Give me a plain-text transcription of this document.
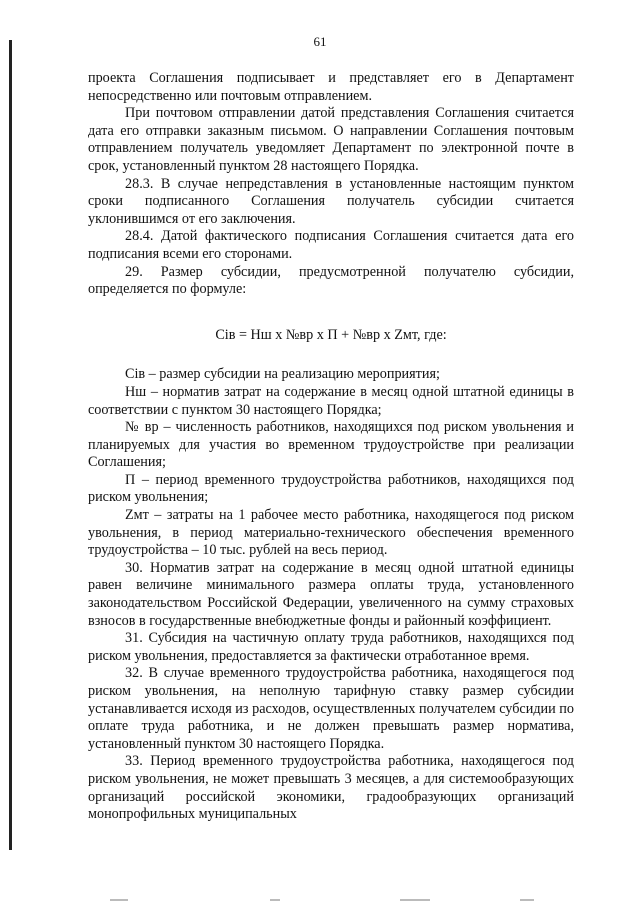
61

проекта Соглашения подписывает и представляет его в Департамент непосредственно или почтовым отправлением.

При почтовом отправлении датой представления Соглашения считается дата его отправки заказным письмом. О направлении Соглашения почтовым отправлением получатель уведомляет Департамент по электронной почте в срок, установленный пунктом 28 настоящего Порядка.

28.3. В случае непредставления в установленные настоящим пунктом сроки подписанного Соглашения получатель субсидии считается уклонившимся от его заключения.

28.4. Датой фактического подписания Соглашения считается дата его подписания всеми его сторонами.

29. Размер субсидии, предусмотренной получателю субсидии, определяется по формуле:

Cів = Нш х №вр х П + №вр х Zмт, где:

Cів – размер субсидии на реализацию мероприятия;

Нш – норматив затрат на содержание в месяц одной штатной единицы в соответствии с пунктом 30 настоящего Порядка;

№ вр – численность работников, находящихся под риском увольнения и планируемых для участия во временном трудоустройстве при реализации Соглашения;

П – период временного трудоустройства работников, находящихся под риском увольнения;

Zмт – затраты на 1 рабочее место работника, находящегося под риском увольнения, в период материально-технического обеспечения временного трудоустройства – 10 тыс. рублей на весь период.

30. Норматив затрат на содержание в месяц одной штатной единицы равен величине минимального размера оплаты труда, установленного законодательством Российской Федерации, увеличенного на сумму страховых взносов в государственные внебюджетные фонды и районный коэффициент.

31. Субсидия на частичную оплату труда работников, находящихся под риском увольнения, предоставляется за фактически отработанное время.

32. В случае временного трудоустройства работника, находящегося под риском увольнения, на неполную тарифную ставку размер субсидии устанавливается исходя из расходов, осуществленных получателем субсидии по оплате труда работника, и не должен превышать размер норматива, установленный пунктом 30 настоящего Порядка.

33. Период временного трудоустройства работника, находящегося под риском увольнения, не может превышать 3 месяцев, а для системообразующих организаций российской экономики, градообразующих организаций монопрофильных муниципальных
